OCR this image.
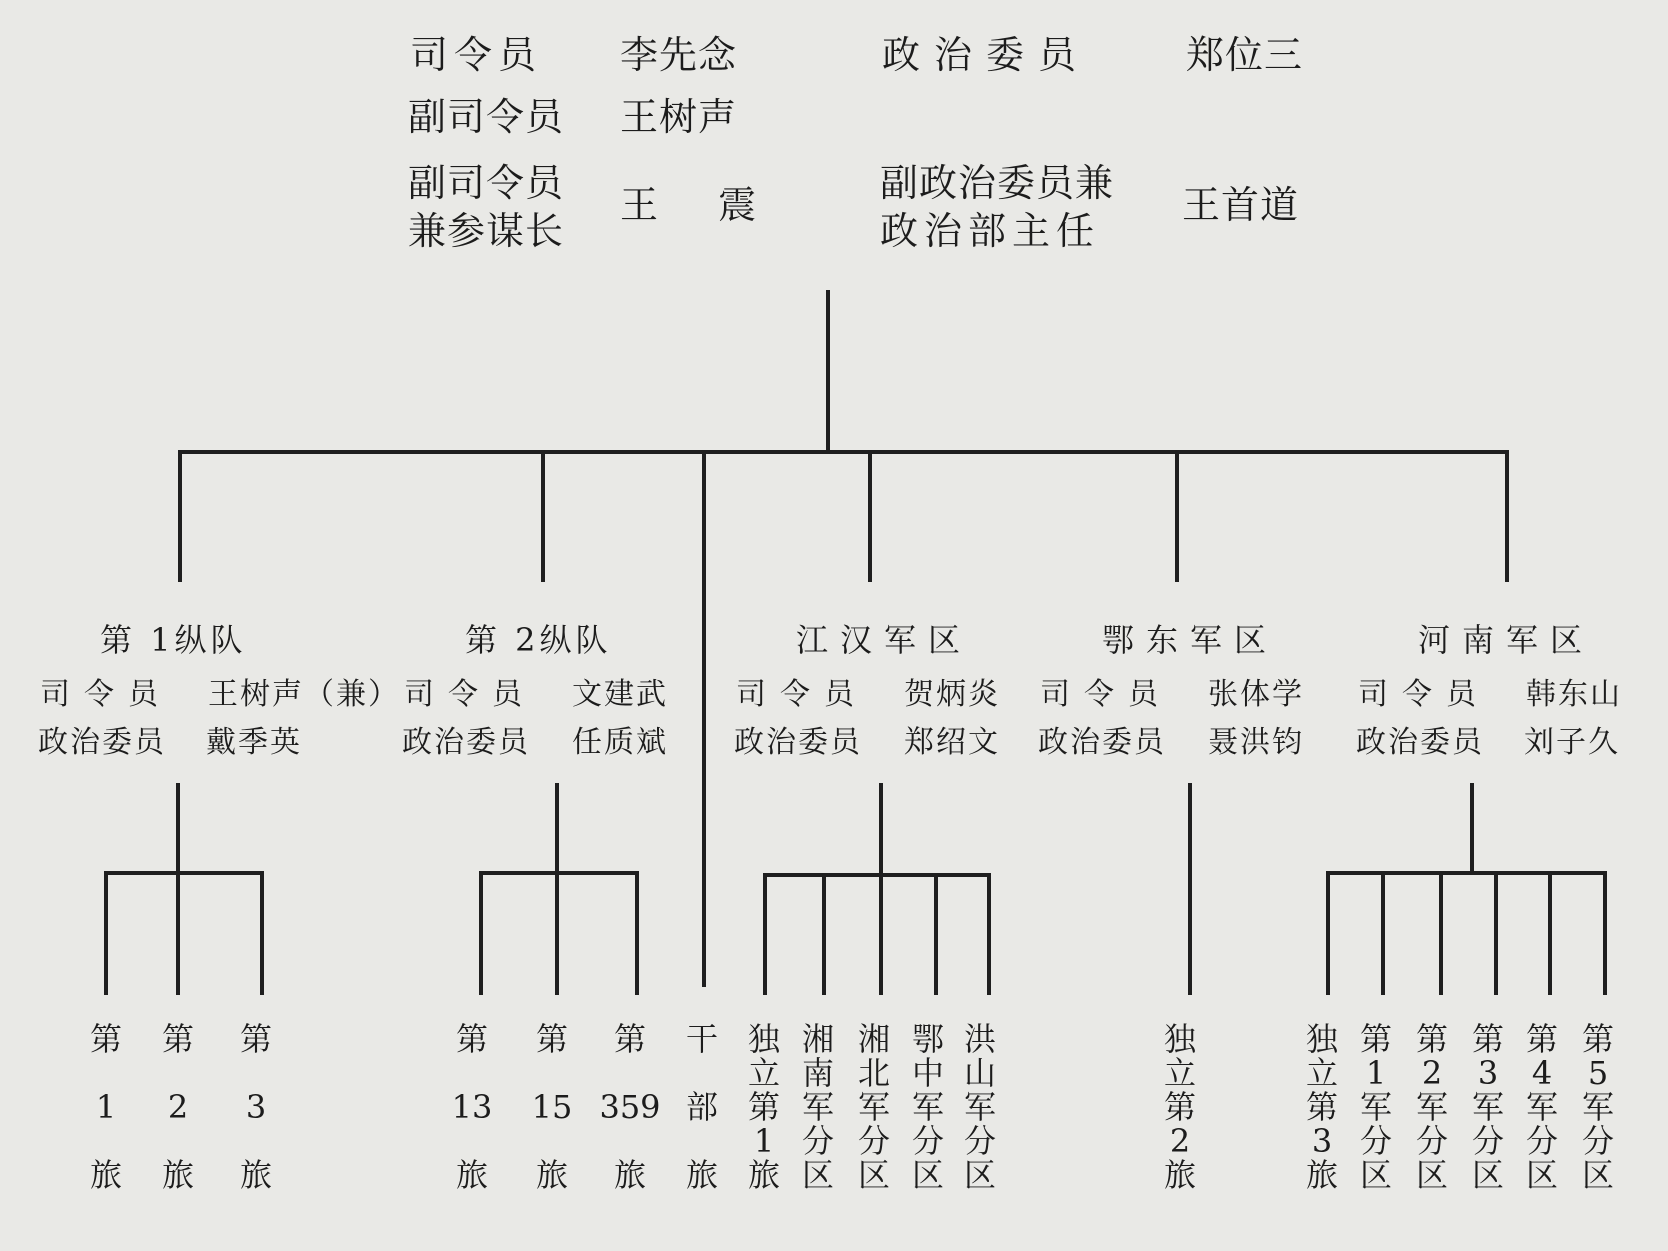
司令员 李先念
副司令员 王树声
副司令员
兼参谋长
王 震
政治委员	郑位三
副政治委员兼
政治部主任
王首道
第 1纵队
司令员 王树声（兼）
政治委员 戴季英
第 2纵队
司令员 文建武
政治委员 任质斌
江汉军区
司令员 贺炳炎
政治委员 郑绍文
鄂东军区
司令员 张体学
政治委员 聂洪钧
河南军区
司令员 韩东山
政治委员 刘子久
第

1

旅
第

2

旅
第

3

旅
第

13

旅
第

15

旅
第

359

旅
干

部

旅
独
立
第
1
旅
湘
南
军
分
区
湘
北
军
分
区
鄂
中
军
分
区
洪
山
军
分
区
独
立
第
2
旅
独
立
第
3
旅
第
1
军
分
区
第
2
军
分
区
第
3
军
分
区
第
4
军
分
区
第
5
军
分
区
